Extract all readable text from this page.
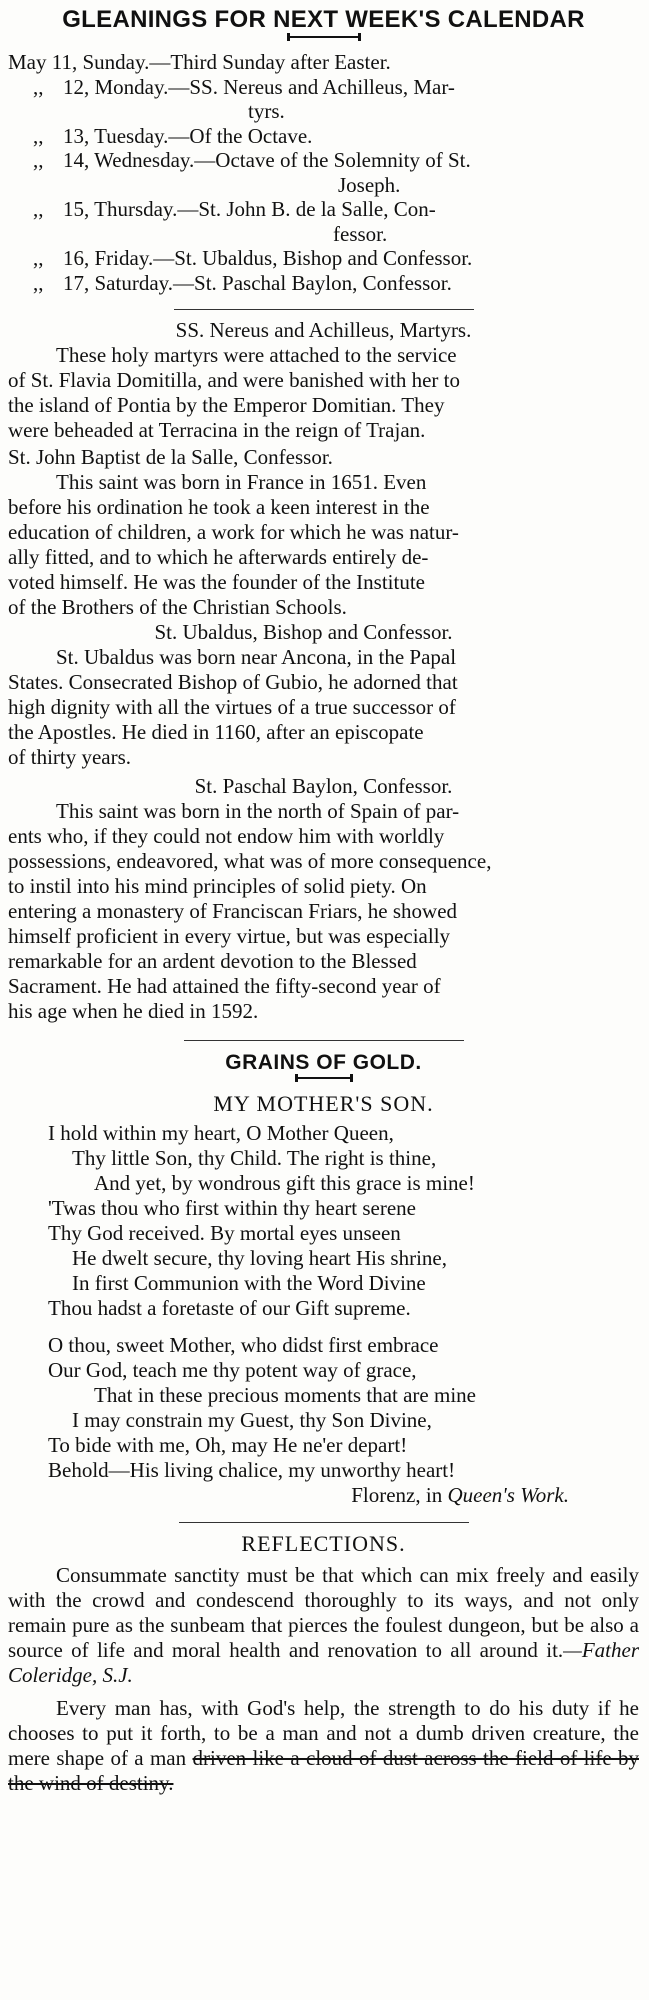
GLEANINGS FOR NEXT WEEK'S CALENDAR
May 11,
Sunday.—Third Sunday after Easter.
,, 12, Monday.—SS. Nereus and Achilleus, Mar-
tyrs.
,, 13, Tuesday.—Of the Octave.
,, 14, Wednesday.—Octave of the Solemnity of St.
Joseph.
,, 15, Thursday.—St. John B. de la Salle, Con-
fessor.
,, 16, Friday.—St. Ubaldus, Bishop and Confessor.
,, 17, Saturday.—St. Paschal Baylon, Confessor.
SS. Nereus and Achilleus, Martyrs.

These holy martyrs were attached to the service

of St. Flavia Domitilla, and were banished with her to

the island of Pontia by the Emperor Domitian. They

were beheaded at Terracina in the reign of Trajan.

St. John Baptist de la Salle, Confessor.

This saint was born in France in 1651. Even

before his ordination he took a keen interest in the

education of children, a work for which he was natur-

ally fitted, and to which he afterwards entirely de-

voted himself. He was the founder of the Institute

of the Brothers of the Christian Schools.

St. Ubaldus, Bishop and Confessor.

St. Ubaldus was born near Ancona, in the Papal

States. Consecrated Bishop of Gubio, he adorned that

high dignity with all the virtues of a true successor of

the Apostles. He died in 1160, after an episcopate

of thirty years.

St. Paschal Baylon, Confessor.

This saint was born in the north of Spain of par-

ents who, if they could not endow him with worldly

possessions, endeavored, what was of more consequence,

to instil into his mind principles of solid piety. On

entering a monastery of Franciscan Friars, he showed

himself proficient in every virtue, but was especially

remarkable for an ardent devotion to the Blessed

Sacrament. He had attained the fifty-second year of

his age when he died in 1592.

GRAINS OF GOLD.
MY MOTHER'S SON.
I hold within my heart, O Mother Queen,
Thy little Son, thy Child. The right is thine,
And yet, by wondrous gift this grace is mine!
'Twas thou who first within thy heart serene
Thy God received. By mortal eyes unseen
He dwelt secure, thy loving heart His shrine,
In first Communion with the Word Divine
Thou hadst a foretaste of our Gift supreme.
O thou, sweet Mother, who didst first embrace
Our God, teach me thy potent way of grace,
That in these precious moments that are mine
I may constrain my Guest, thy Son Divine,
To bide with me, Oh, may He ne'er depart!
Behold—His living chalice, my unworthy heart!
Florenz, in Queen's Work.
REFLECTIONS.

Consummate sanctity must be that which can mix freely and easily with the crowd and condescend thoroughly to its ways, and not only remain pure as the sunbeam that pierces the foulest dungeon, but be also a source of life and moral health and renovation to all around it.—Father Coleridge, S.J.

Every man has, with God's help, the strength to do his duty if he chooses to put it forth, to be a man and not a dumb driven creature, the mere shape of a man driven like a cloud of dust across the field of life by the wind of destiny.
